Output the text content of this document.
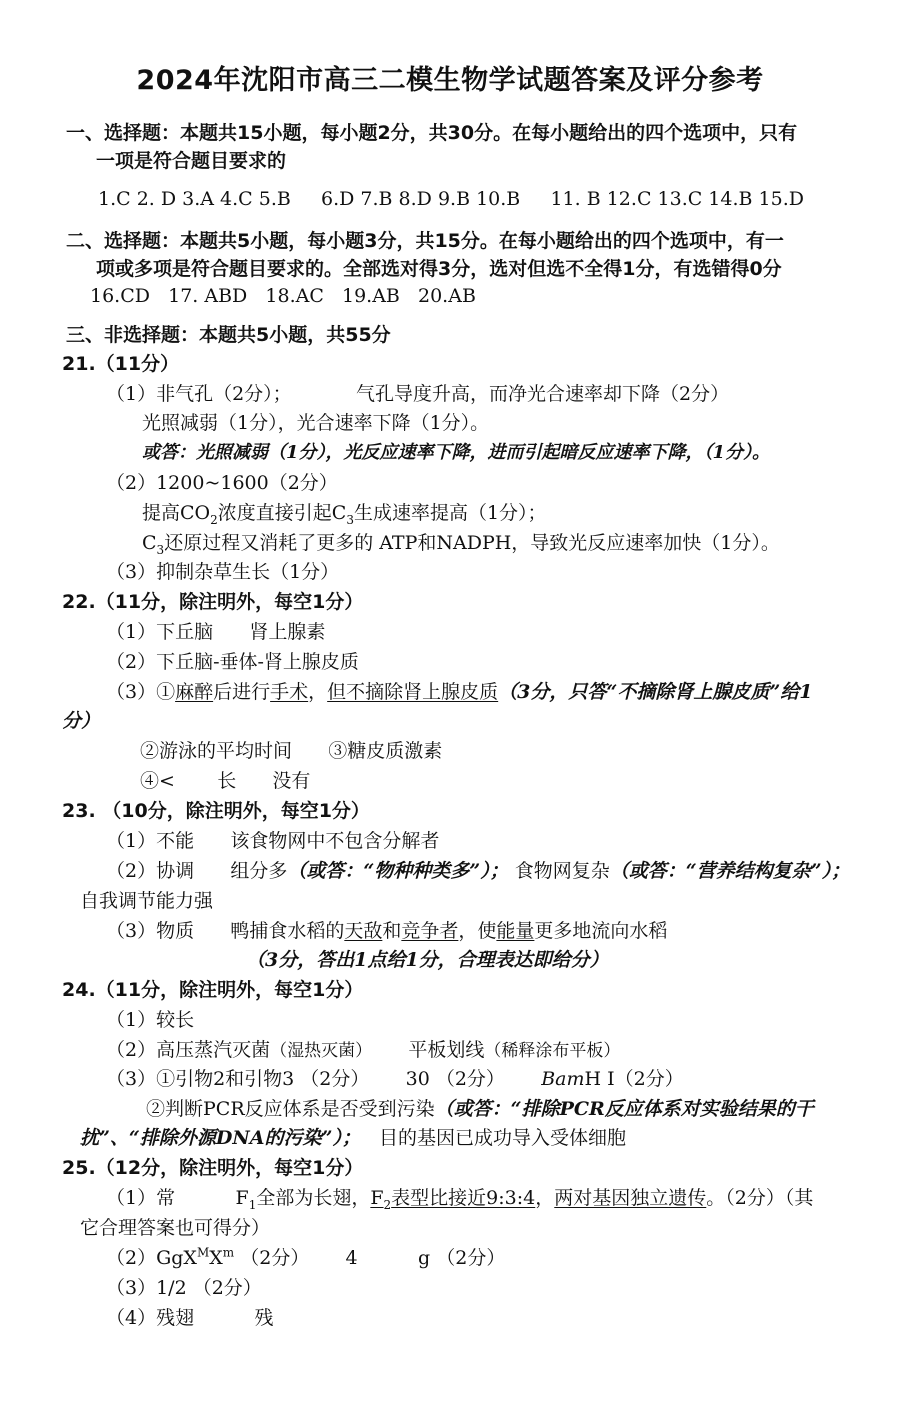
2024年沈阳市高三二模生物学试题答案及评分参考
一、选择题：本题共15小题，每小题2分，共30分。在每小题给出的四个选项中，只有
一项是符合题目要求的
1.C 2. D 3.A 4.C 5.B     6.D 7.B 8.D 9.B 10.B     11. B 12.C 13.C 14.B 15.D
二、选择题：本题共5小题，每小题3分，共15分。在每小题给出的四个选项中，有一
项或多项是符合题目要求的。全部选对得3分，选对但选不全得1分，有选错得0分
16.CD   17. ABD   18.AC   19.AB   20.AB
三、非选择题：本题共5小题，共55分
21.（11分）
（1）非气孔（2分）；	气孔导度升高，而净光合速率却下降（2分）
光照减弱（1分），光合速率下降（1分）。
或答：光照减弱（1分），光反应速率下降，进而引起暗反应速率下降，（1分）。
（2）1200~1600（2分）
提高$CO_2$浓度直接引起$C_3$生成速率提高（1分）；
$C_3$还原过程又消耗了更多的 ATP和NADPH，导致光反应速率加快（1分）。
（3）抑制杂草生长（1分）
22.（11分，除注明外，每空1分）
（1）下丘脑      肾上腺素
（2）下丘脑-垂体-肾上腺皮质
（3）①麻醉后进行手术，但不摘除肾上腺皮质（3分，只答“不摘除肾上腺皮质”给1
分）
②游泳的平均时间      ③糖皮质激素
④<       长      没有
23. （10分，除注明外，每空1分）
（1）不能      该食物网中不包含分解者
（2）协调      组分多（或答：“物种种类多”）； 食物网复杂（或答：“营养结构复杂”）；
自我调节能力强
（3）物质      鸭捕食水稻的天敌和竞争者，使能量更多地流向水稻
（3分，答出1点给1分，合理表达即给分）
24.（11分，除注明外，每空1分）
（1）较长
（2）高压蒸汽灭菌（湿热灭菌） 平板划线（稀释涂布平板）
（3）①引物2和引物3 （2分）      30 （2分） BamH I（2分）
②判断PCR反应体系是否受到污染（或答：“排除PCR反应体系对实验结果的干
扰”、“排除外源DNA的污染”）； 目的基因已成功导入受体细胞
25.（12分，除注明外，每空1分）
（1）常	$F_1$全部为长翅，$F_2$表型比接近9:3:4，两对基因独立遗传。（2分）（其
它合理答案也可得分）
$(2)GgX^MX^m$ （2分）      4          g （2分）
（3）1/2 （2分）
（4）残翅          残
